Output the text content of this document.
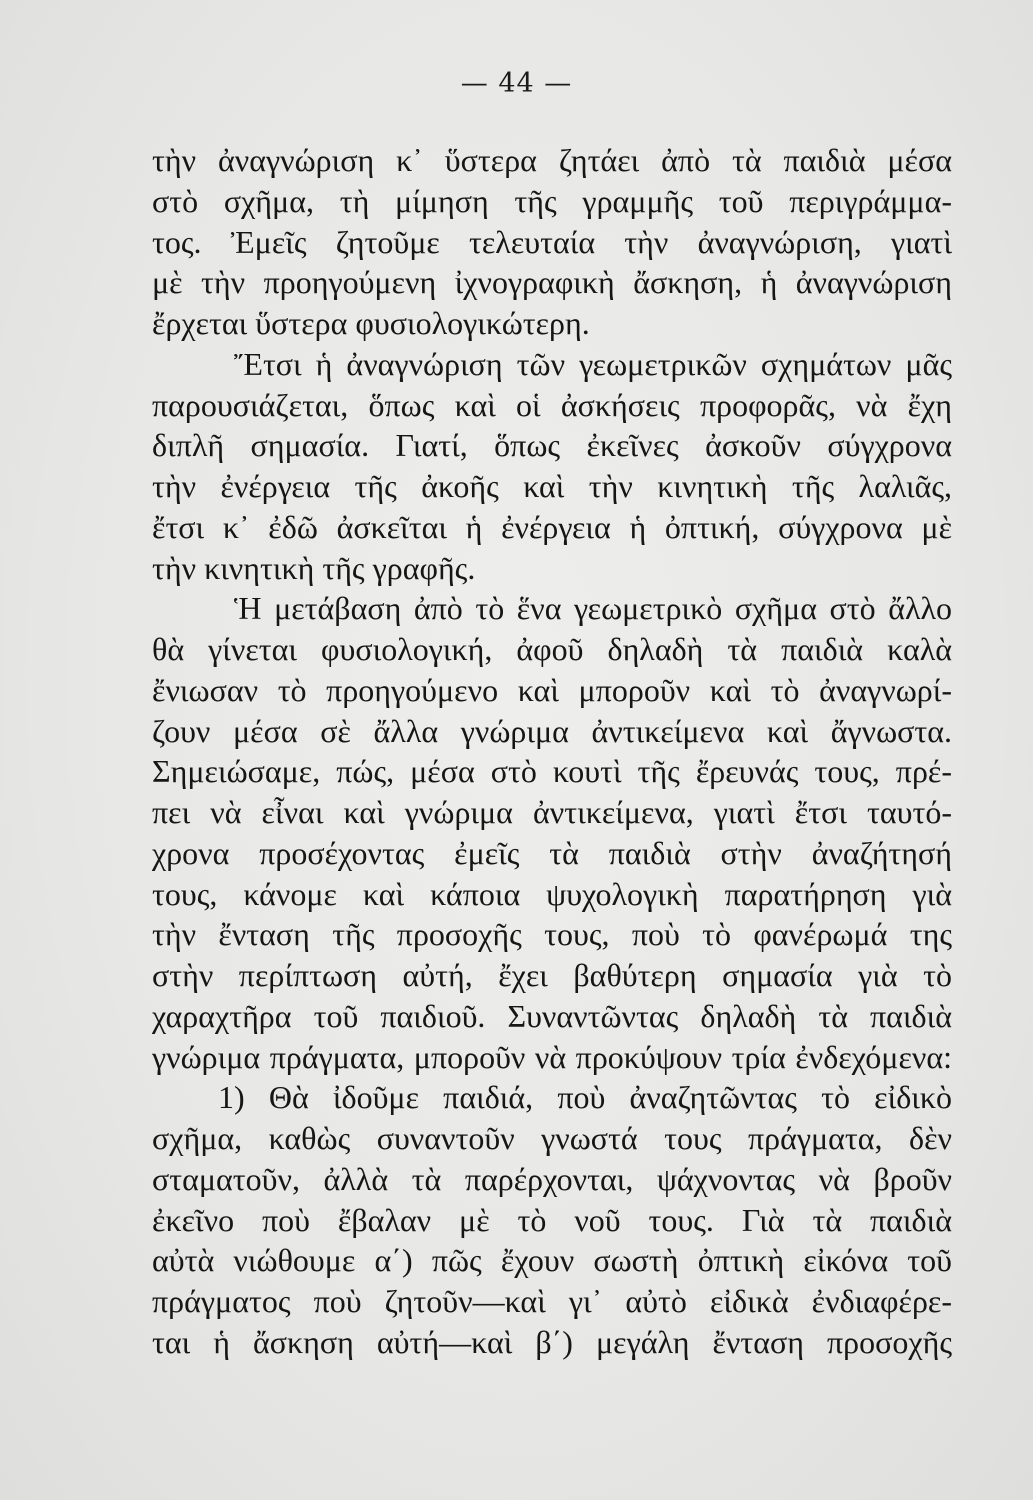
— 44 —
τὴν ἀναγνώριση κ᾿ ὕστερα ζητάει ἀπὸ τὰ παιδιὰ μέσα
στὸ σχῆμα, τὴ μίμηση τῆς γραμμῆς τοῦ περιγράμμα-
τος. Ἐμεῖς ζητοῦμε τελευταία τὴν ἀναγνώριση, γιατὶ
μὲ τὴν προηγούμενη ἰχνογραφικὴ ἄσκηση, ἡ ἀναγνώριση
ἔρχεται ὕστερα φυσιολογικώτερη.
Ἔτσι ἡ ἀναγνώριση τῶν γεωμετρικῶν σχημάτων μᾶς
παρουσιάζεται, ὅπως καὶ οἱ ἀσκήσεις προφορᾶς, νὰ ἔχη
διπλῆ σημασία. Γιατί, ὅπως ἐκεῖνες ἀσκοῦν σύγχρονα
τὴν ἐνέργεια τῆς ἀκοῆς καὶ τὴν κινητικὴ τῆς λαλιᾶς,
ἔτσι κ᾿ ἐδῶ ἀσκεῖται ἡ ἐνέργεια ἡ ὀπτική, σύγχρονα μὲ
τὴν κινητικὴ τῆς γραφῆς.
Ἡ μετάβαση ἀπὸ τὸ ἕνα γεωμετρικὸ σχῆμα στὸ ἄλλο
θὰ γίνεται φυσιολογική, ἀφοῦ δηλαδὴ τὰ παιδιὰ καλὰ
ἔνιωσαν τὸ προηγούμενο καὶ μποροῦν καὶ τὸ ἀναγνωρί-
ζουν μέσα σὲ ἄλλα γνώριμα ἀντικείμενα καὶ ἄγνωστα.
Σημειώσαμε, πώς, μέσα στὸ κουτὶ τῆς ἔρευνάς τους, πρέ-
πει νὰ εἶναι καὶ γνώριμα ἀντικείμενα, γιατὶ ἔτσι ταυτό-
χρονα προσέχοντας ἐμεῖς τὰ παιδιὰ στὴν ἀναζήτησή
τους, κάνομε καὶ κάποια ψυχολογικὴ παρατήρηση γιὰ
τὴν ἔνταση τῆς προσοχῆς τους, ποὺ τὸ φανέρωμά της
στὴν περίπτωση αὐτή, ἔχει βαθύτερη σημασία γιὰ τὸ
χαραχτῆρα τοῦ παιδιοῦ. Συναντῶντας δηλαδὴ τὰ παιδιὰ
γνώριμα πράγματα, μποροῦν νὰ προκύψουν τρία ἐνδεχόμενα:
1) Θὰ ἰδοῦμε παιδιά, ποὺ ἀναζητῶντας τὸ εἰδικὸ
σχῆμα, καθὼς συναντοῦν γνωστά τους πράγματα, δὲν
σταματοῦν, ἀλλὰ τὰ παρέρχονται, ψάχνοντας νὰ βροῦν
ἐκεῖνο ποὺ ἔβαλαν μὲ τὸ νοῦ τους. Γιὰ τὰ παιδιὰ
αὐτὰ νιώθουμε α΄) πῶς ἔχουν σωστὴ ὀπτικὴ εἰκόνα τοῦ
πράγματος ποὺ ζητοῦν—καὶ γι᾿ αὐτὸ εἰδικὰ ἐνδιαφέρε-
ται ἡ ἄσκηση αὐτή—καὶ β΄) μεγάλη ἔνταση προσοχῆς
